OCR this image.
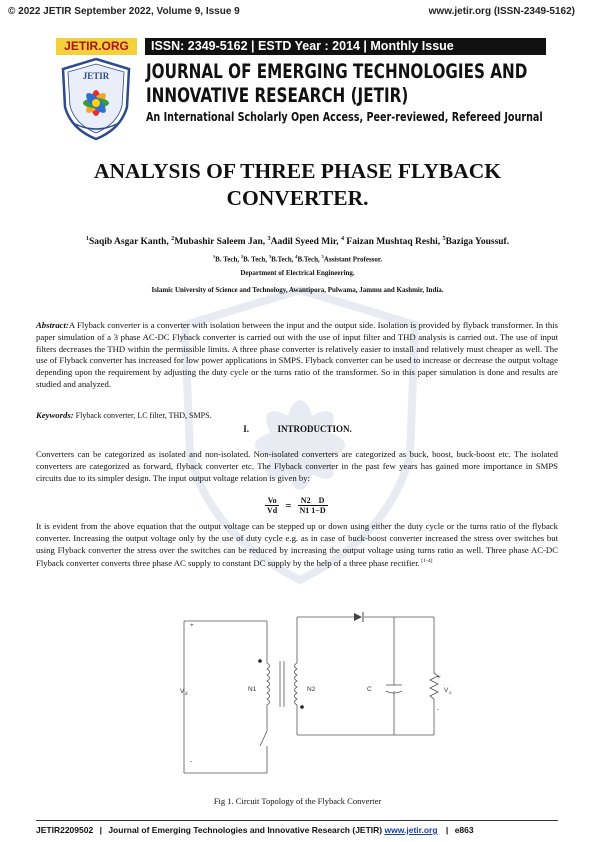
© 2022 JETIR September 2022, Volume 9, Issue 9	www.jetir.org (ISSN-2349-5162)
JETIR.ORG	ISSN: 2349-5162 | ESTD Year : 2014 | Monthly Issue
JETIR JOURNAL OF EMERGING TECHNOLOGIES AND
INNOVATIVE RESEARCH (JETIR)
An International Scholarly Open Access, Peer-reviewed, Refereed Journal
ANALYSIS OF THREE PHASE FLYBACK
CONVERTER.
$^1$Saqib Asgar Kanth, $^2$Mubashir Saleem Jan, $^3$Aadil Syeed Mir, $^4$ Faizan Mushtaq Reshi, $^5$Baziga Youssuf.
$^1$B. Tech, $^2$B. Tech, $^3$B.Tech, $^4$B.Tech, $^5$Assistant Professor.
Department of Electrical Engineering.
Islamic University of Science and Technology, Awantipora, Pulwama, Jammu and Kashmir, India.
Abstract:A Flyback converter is a converter with isolation between the input and the output side. Isolation is provided by flyback transformer. In this paper simulation of a 3 phase AC-DC Flyback converter is carried out with the use of input filter and THD analysis is carried out. The use of input filters decreases the THD within the permissible limits. A three phase converter is relatively easier to install and relatively must cheaper as well. The use of Flyback converter has increased for low power applications in SMPS. Flyback converter can be used to increase or decrease the output voltage depending upon the requirement by adjusting the duty cycle or the turns ratio of the transformer. So in this paper simulation is done and results are studied and analyzed.
Keywords: Flyback converter, LC filter, THD, SMPS.
I.	INTRODUCTION.
Converters can be categorized as isolated and non-isolated. Non-isolated converters are categorized as buck, boost, buck-boost etc. The isolated converters are categorized as forward, flyback converter etc. The Flyback converter in the past few years has gained more importance in SMPS circuits due to its simpler design. The input output voltage relation is given by:
Vo	=	N2    D
Vd		N1 1−D
It is evident from the above equation that the output voltage can be stepped up or down using either the duty cycle or the turns ratio of the flyback converter. Increasing the output voltage only by the use of duty cycle e.g. as in case of buck-boost converter increased the stress over switches but using Flyback converter the stress over the switches can be reduced by increasing the output voltage using turns ratio as well. Three phase AC-DC Flyback converter converts three phase AC supply to constant DC supply by the help of a three phase rectifier. [1-4]
+
-
V d
N1	N2	C
+
-
V o
Fig 1. Circuit Topology of the Flyback Converter
JETIR2209502 | Journal of Emerging Technologies and Innovative Research (JETIR) www.jetir.org | e863
